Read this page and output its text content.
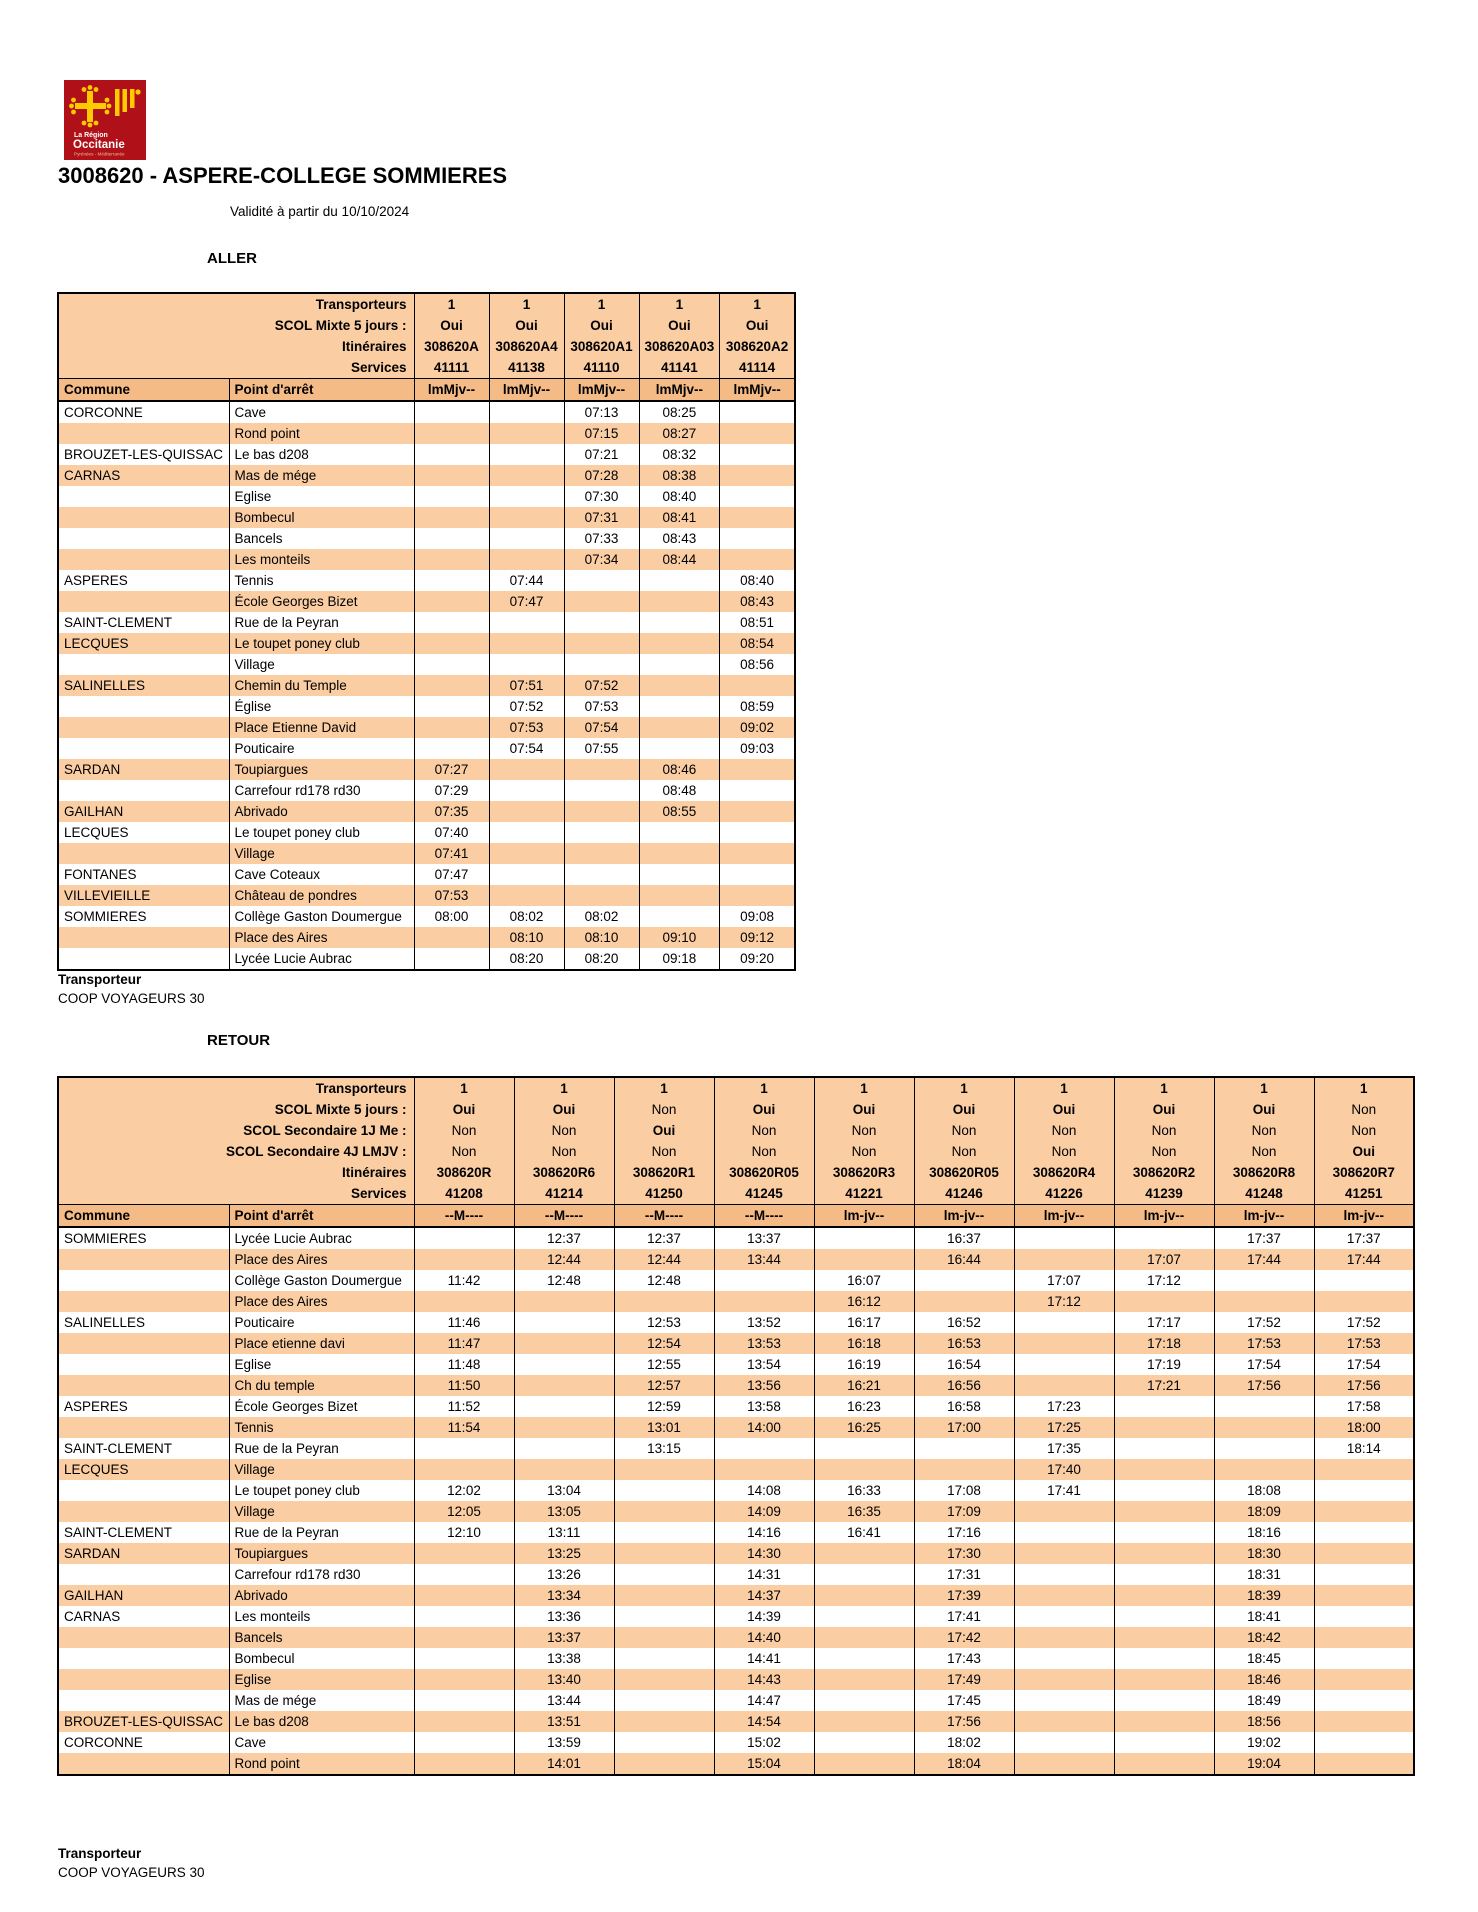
La Région
Occitanie
Pyrénées - Méditerranée
3008620 - ASPERE-COLLEGE SOMMIERES
Validité à partir du 10/10/2024
ALLER
Transporteurs		1	1	1	1	1
SCOL Mixte 5 jours :		Oui	Oui	Oui	Oui	Oui
Itinéraires		308620A	308620A4	308620A1	308620A03	308620A2
Services		41111	41138	41110	41141	41114
Commune	Point d'arrêt	lmMjv--	lmMjv--	lmMjv--	lmMjv--	lmMjv--
CORCONNE	Cave			07:13	08:25	
	Rond point			07:15	08:27	
BROUZET-LES-QUISSAC	Le bas d208			07:21	08:32	
CARNAS	Mas de mége			07:28	08:38	
	Eglise			07:30	08:40	
	Bombecul			07:31	08:41	
	Bancels			07:33	08:43	
	Les monteils			07:34	08:44	
ASPERES	Tennis		07:44			08:40
	École Georges Bizet		07:47			08:43
SAINT-CLEMENT	Rue de la Peyran					08:51
LECQUES	Le toupet poney club					08:54
	Village					08:56
SALINELLES	Chemin du Temple		07:51	07:52		
	Église		07:52	07:53		08:59
	Place Etienne David		07:53	07:54		09:02
	Pouticaire		07:54	07:55		09:03
SARDAN	Toupiargues	07:27			08:46	
	Carrefour rd178 rd30	07:29			08:48	
GAILHAN	Abrivado	07:35			08:55	
LECQUES	Le toupet poney club	07:40				
	Village	07:41				
FONTANES	Cave Coteaux	07:47				
VILLEVIEILLE	Château de pondres	07:53				
SOMMIERES	Collège Gaston Doumergue	08:00	08:02	08:02		09:08
	Place des Aires		08:10	08:10	09:10	09:12
	Lycée Lucie Aubrac		08:20	08:20	09:18	09:20
Transporteur
COOP VOYAGEURS 30
RETOUR
Transporteurs		1	1	1	1	1	1	1	1	1	1
SCOL Mixte 5 jours :		Oui	Oui	Non	Oui	Oui	Oui	Oui	Oui	Oui	Non
SCOL Secondaire 1J Me :		Non	Non	Oui	Non	Non	Non	Non	Non	Non	Non
SCOL Secondaire 4J LMJV :		Non	Non	Non	Non	Non	Non	Non	Non	Non	Oui
Itinéraires		308620R	308620R6	308620R1	308620R05	308620R3	308620R05	308620R4	308620R2	308620R8	308620R7
Services		41208	41214	41250	41245	41221	41246	41226	41239	41248	41251
Commune	Point d'arrêt	--M----	--M----	--M----	--M----	lm-jv--	lm-jv--	lm-jv--	lm-jv--	lm-jv--	lm-jv--
SOMMIERES	Lycée Lucie Aubrac		12:37	12:37	13:37		16:37			17:37	17:37
	Place des Aires		12:44	12:44	13:44		16:44		17:07	17:44	17:44
	Collège Gaston Doumergue	11:42	12:48	12:48		16:07		17:07	17:12		
	Place des Aires					16:12		17:12			
SALINELLES	Pouticaire	11:46		12:53	13:52	16:17	16:52		17:17	17:52	17:52
	Place etienne davi	11:47		12:54	13:53	16:18	16:53		17:18	17:53	17:53
	Eglise	11:48		12:55	13:54	16:19	16:54		17:19	17:54	17:54
	Ch du temple	11:50		12:57	13:56	16:21	16:56		17:21	17:56	17:56
ASPERES	École Georges Bizet	11:52		12:59	13:58	16:23	16:58	17:23			17:58
	Tennis	11:54		13:01	14:00	16:25	17:00	17:25			18:00
SAINT-CLEMENT	Rue de la Peyran			13:15				17:35			18:14
LECQUES	Village							17:40			
	Le toupet poney club	12:02	13:04		14:08	16:33	17:08	17:41		18:08	
	Village	12:05	13:05		14:09	16:35	17:09			18:09	
SAINT-CLEMENT	Rue de la Peyran	12:10	13:11		14:16	16:41	17:16			18:16	
SARDAN	Toupiargues		13:25		14:30		17:30			18:30	
	Carrefour rd178 rd30		13:26		14:31		17:31			18:31	
GAILHAN	Abrivado		13:34		14:37		17:39			18:39	
CARNAS	Les monteils		13:36		14:39		17:41			18:41	
	Bancels		13:37		14:40		17:42			18:42	
	Bombecul		13:38		14:41		17:43			18:45	
	Eglise		13:40		14:43		17:49			18:46	
	Mas de mége		13:44		14:47		17:45			18:49	
BROUZET-LES-QUISSAC	Le bas d208		13:51		14:54		17:56			18:56	
CORCONNE	Cave		13:59		15:02		18:02			19:02	
	Rond point		14:01		15:04		18:04			19:04	
Transporteur
COOP VOYAGEURS 30
